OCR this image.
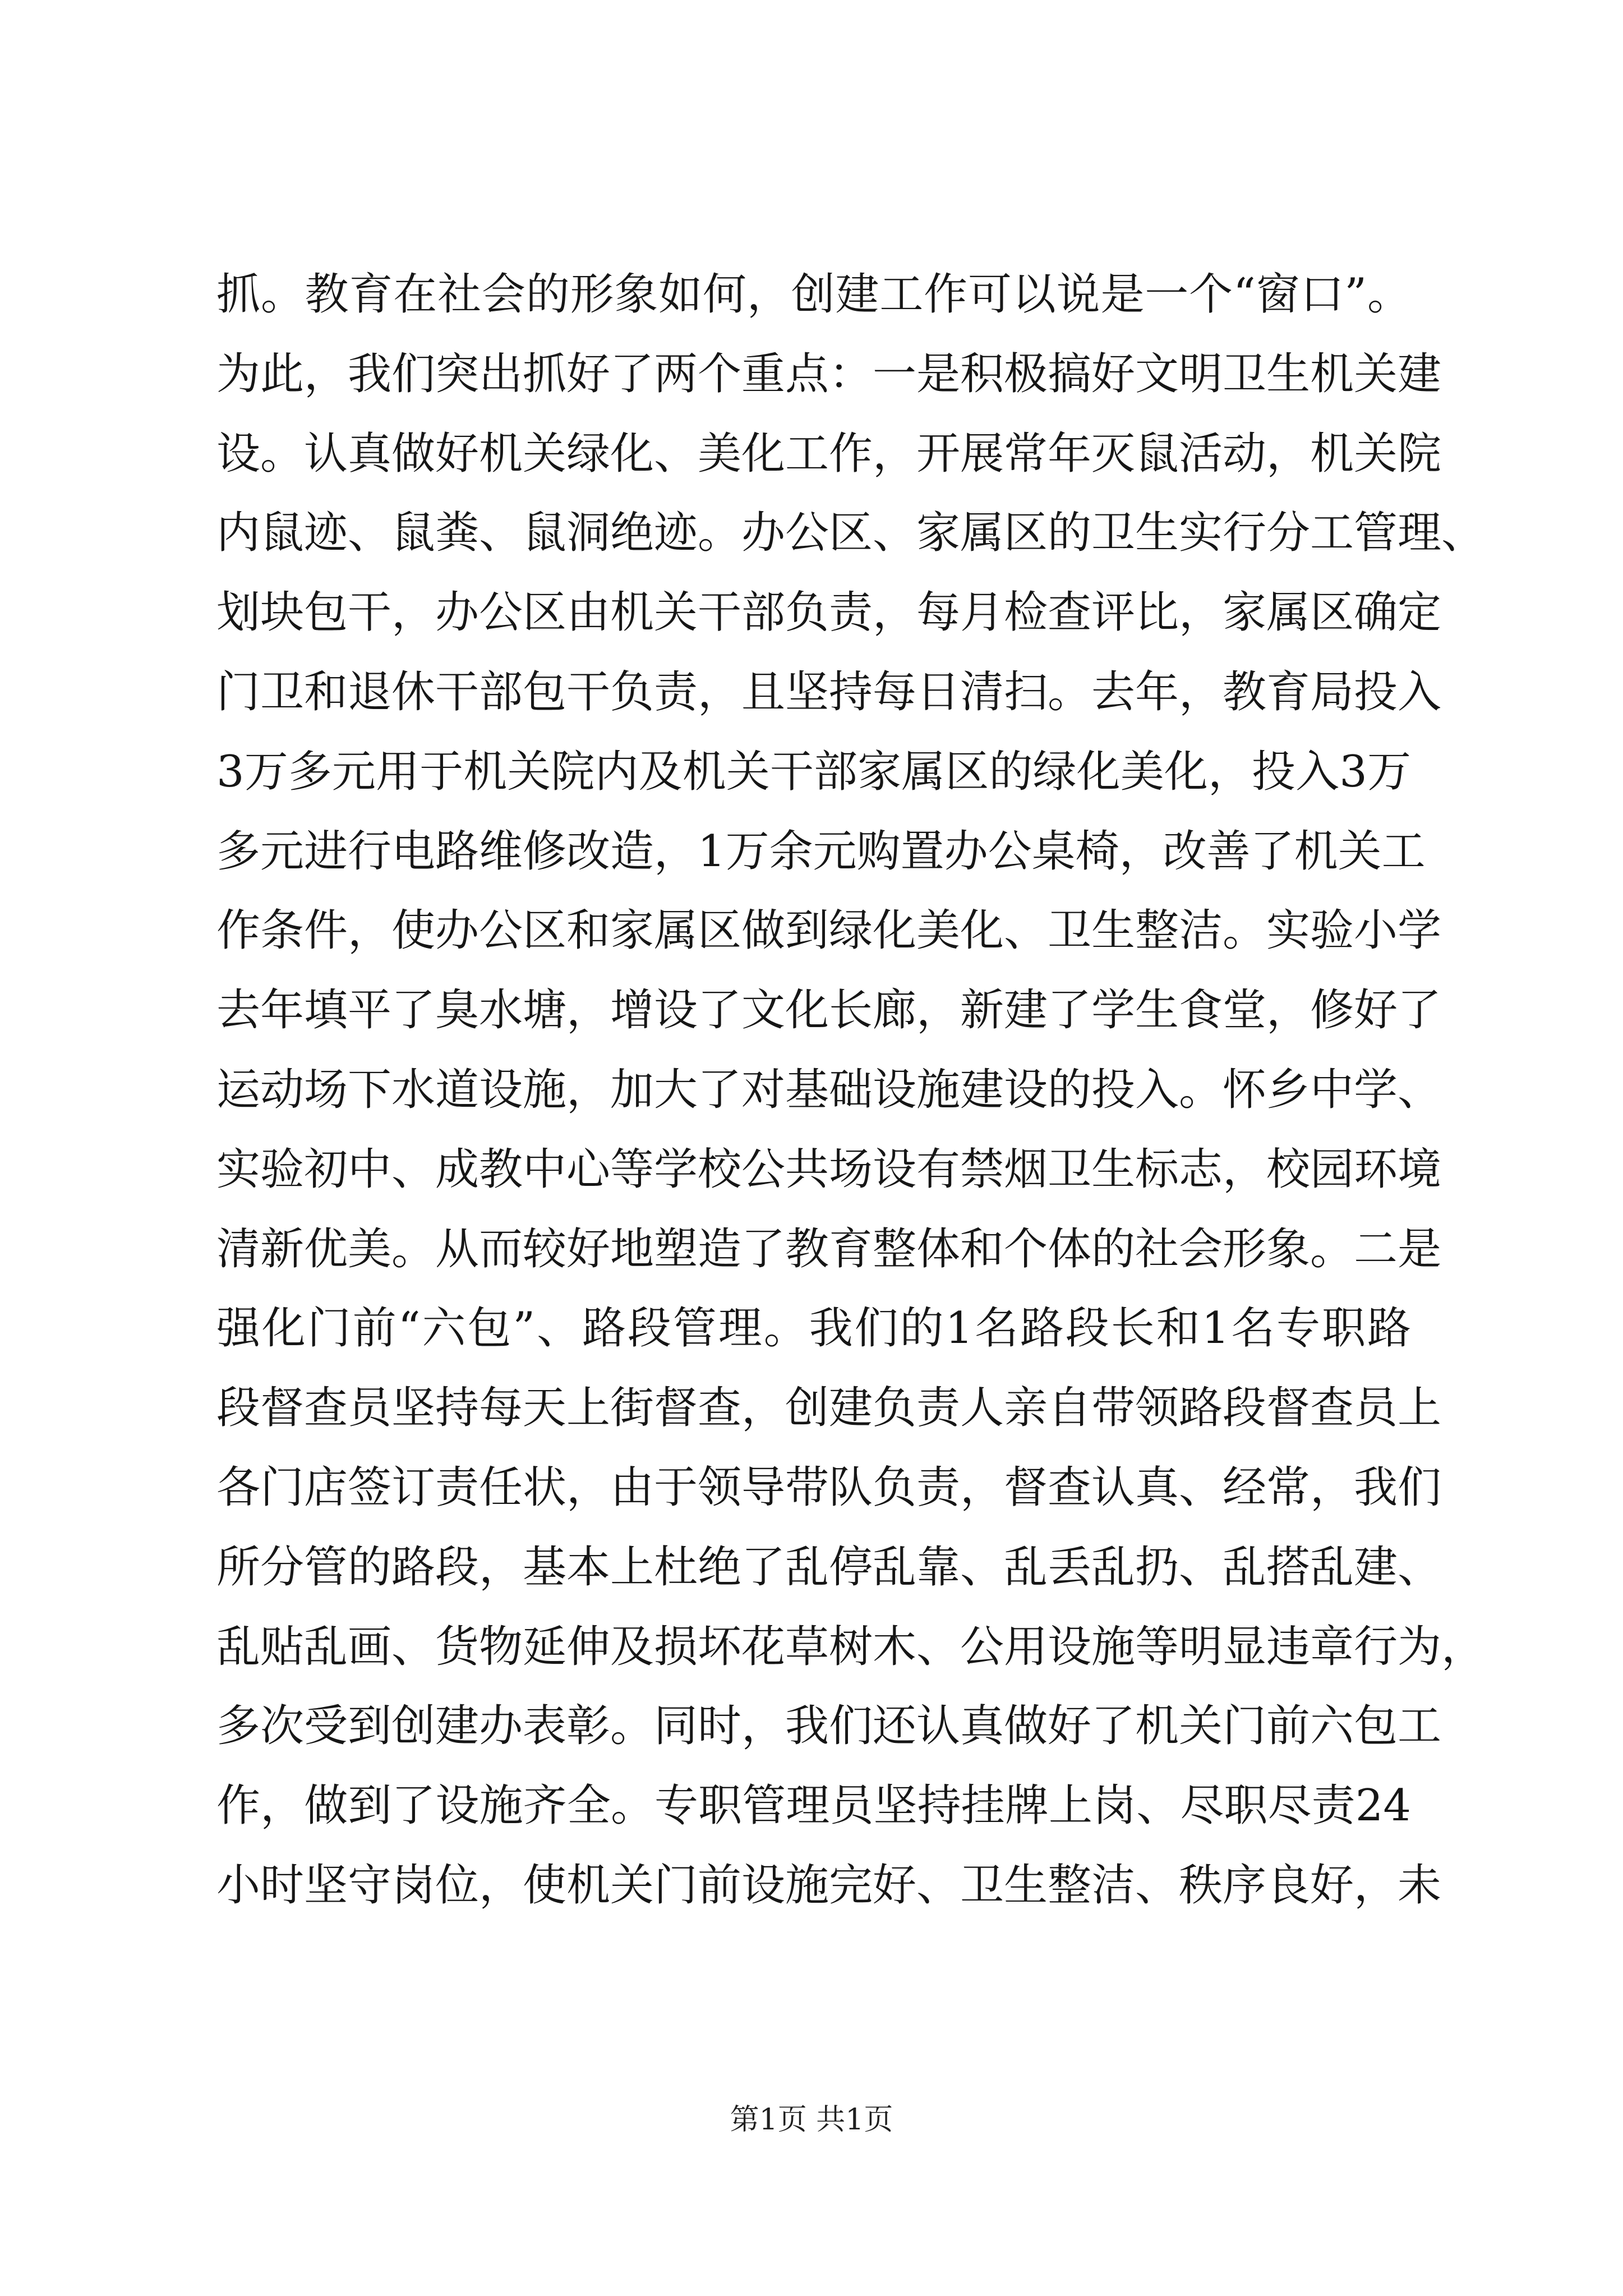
抓。教育在社会的形象如何，创建工作可以说是一个“窗口”。
为此，我们突出抓好了两个重点：一是积极搞好文明卫生机关建
设。认真做好机关绿化、美化工作，开展常年灭鼠活动，机关院
内鼠迹、鼠粪、鼠洞绝迹。办公区、家属区的卫生实行分工管理、
划块包干，办公区由机关干部负责，每月检查评比，家属区确定
门卫和退休干部包干负责，且坚持每日清扫。去年，教育局投入
3万多元用于机关院内及机关干部家属区的绿化美化，投入3万
多元进行电路维修改造，1万余元购置办公桌椅，改善了机关工
作条件，使办公区和家属区做到绿化美化、卫生整洁。实验小学
去年填平了臭水塘，增设了文化长廊，新建了学生食堂，修好了
运动场下水道设施，加大了对基础设施建设的投入。怀乡中学、
实验初中、成教中心等学校公共场设有禁烟卫生标志，校园环境
清新优美。从而较好地塑造了教育整体和个体的社会形象。二是
强化门前“六包”、路段管理。我们的1名路段长和1名专职路
段督查员坚持每天上街督查，创建负责人亲自带领路段督查员上
各门店签订责任状，由于领导带队负责，督查认真、经常，我们
所分管的路段，基本上杜绝了乱停乱靠、乱丢乱扔、乱搭乱建、
乱贴乱画、货物延伸及损坏花草树木、公用设施等明显违章行为，
多次受到创建办表彰。同时，我们还认真做好了机关门前六包工
作，做到了设施齐全。专职管理员坚持挂牌上岗、尽职尽责24
小时坚守岗位，使机关门前设施完好、卫生整洁、秩序良好，未
第1页 共1页
